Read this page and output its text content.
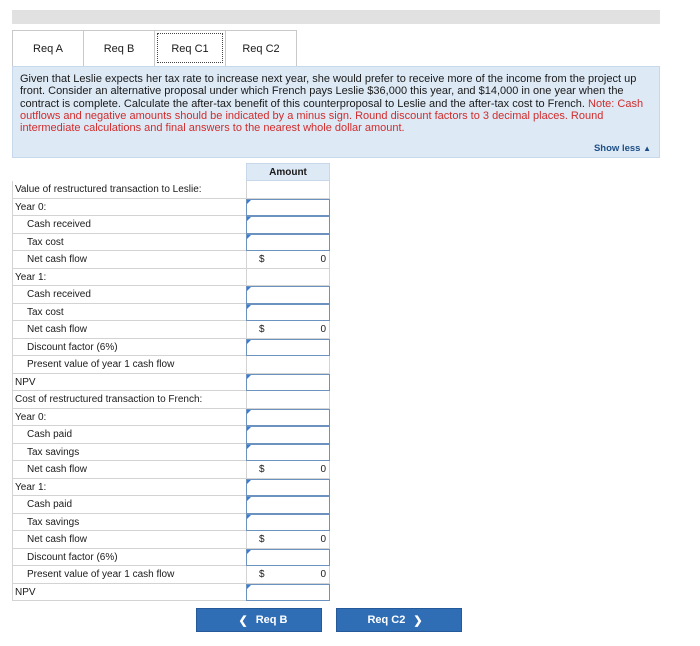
Req A	Req B	Req C1	Req C2
Given that Leslie expects her tax rate to increase next year, she would prefer to receive more of the income from the project up front. Consider an alternative proposal under which French pays Leslie $36,000 this year, and $14,000 in one year when the contract is complete. Calculate the after-tax benefit of this counterproposal to Leslie and the after-tax cost to French. Note: Cash outflows and negative amounts should be indicated by a minus sign. Round discount factors to 3 decimal places. Round intermediate calculations and final answers to the nearest whole dollar amount.
Show less ▲
Amount
Value of restructured transaction to Leslie:
Year 0:
Cash received
Tax cost
Net cash flow	$	0
Year 1:
Cash received
Tax cost
Net cash flow	$	0
Discount factor (6%)
Present value of year 1 cash flow
NPV
Cost of restructured transaction to French:
Year 0:
Cash paid
Tax savings
Net cash flow	$	0
Year 1:
Cash paid
Tax savings
Net cash flow	$	0
Discount factor (6%)
Present value of year 1 cash flow	$	0
NPV
❮ Req B	Req C2 ❯
